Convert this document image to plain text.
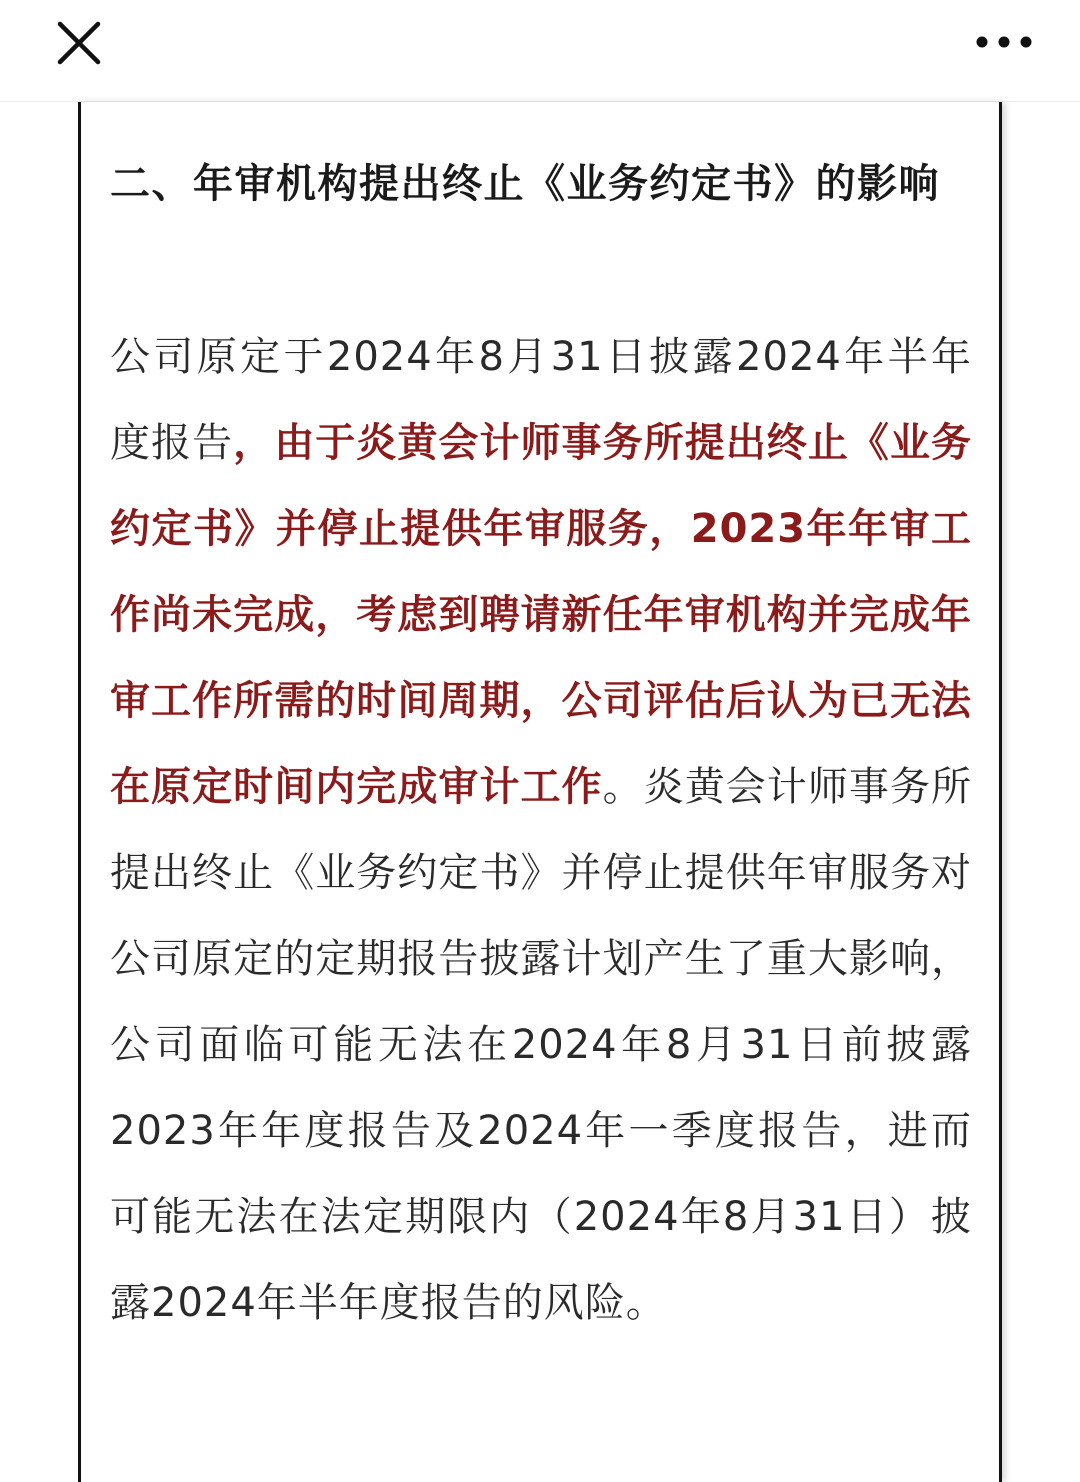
二、年审机构提出终止《业务约定书》的影响

公司原定于2024年8月31日披露2024年半年度报告，由于炎黄会计师事务所提出终止《业务约定书》并停止提供年审服务，2023年年审工作尚未完成，考虑到聘请新任年审机构并完成年审工作所需的时间周期，公司评估后认为已无法在原定时间内完成审计工作。炎黄会计师事务所提出终止《业务约定书》并停止提供年审服务对公司原定的定期报告披露计划产生了重大影响，公司面临可能无法在2024年8月31日前披露2023年年度报告及2024年一季度报告，进而可能无法在法定期限内（2024年8月31日）披露2024年半年度报告的风险。
